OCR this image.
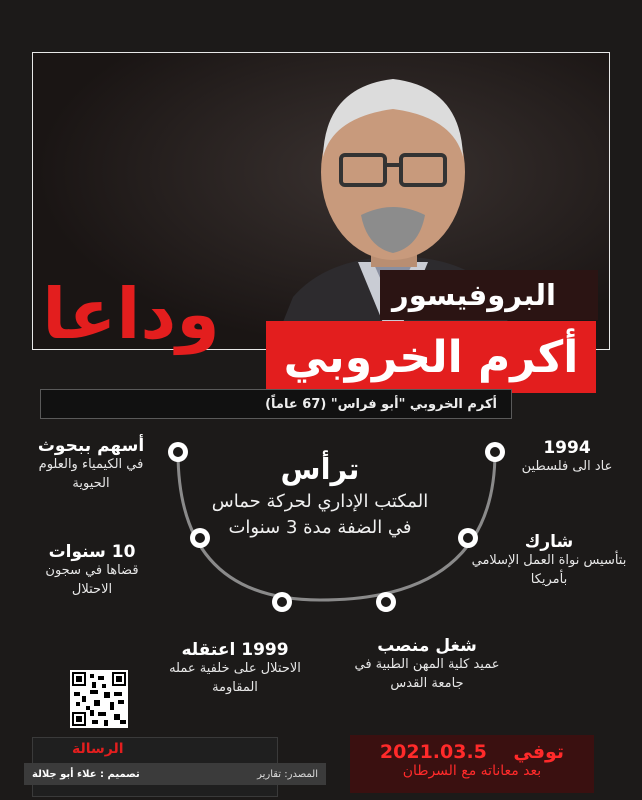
البروفيسور
أكرم الخروبي
وداعا
أكرم الخروبي "أبو فراس" (67 عاماً)
ترأس
المكتب الإداري لحركة حماس في الضفة مدة 3 سنوات
أسهم ببحوث
في الكيمياء والعلوم الحيوية
10 سنوات
قضاها في سجون الاحتلال
1999 اعتقله
الاحتلال على خلفية عمله المقاومة
1994
عاد الى فلسطين
شارك
بتأسيس نواة العمل الإسلامي بأمريكا
شغل منصب
عميد كلية المهن الطبية في جامعة القدس
الرسالة
المصدر: تقارير
تصميم : علاء أبو جلالة
توفي    2021.03.5
بعد معاناته مع السرطان
